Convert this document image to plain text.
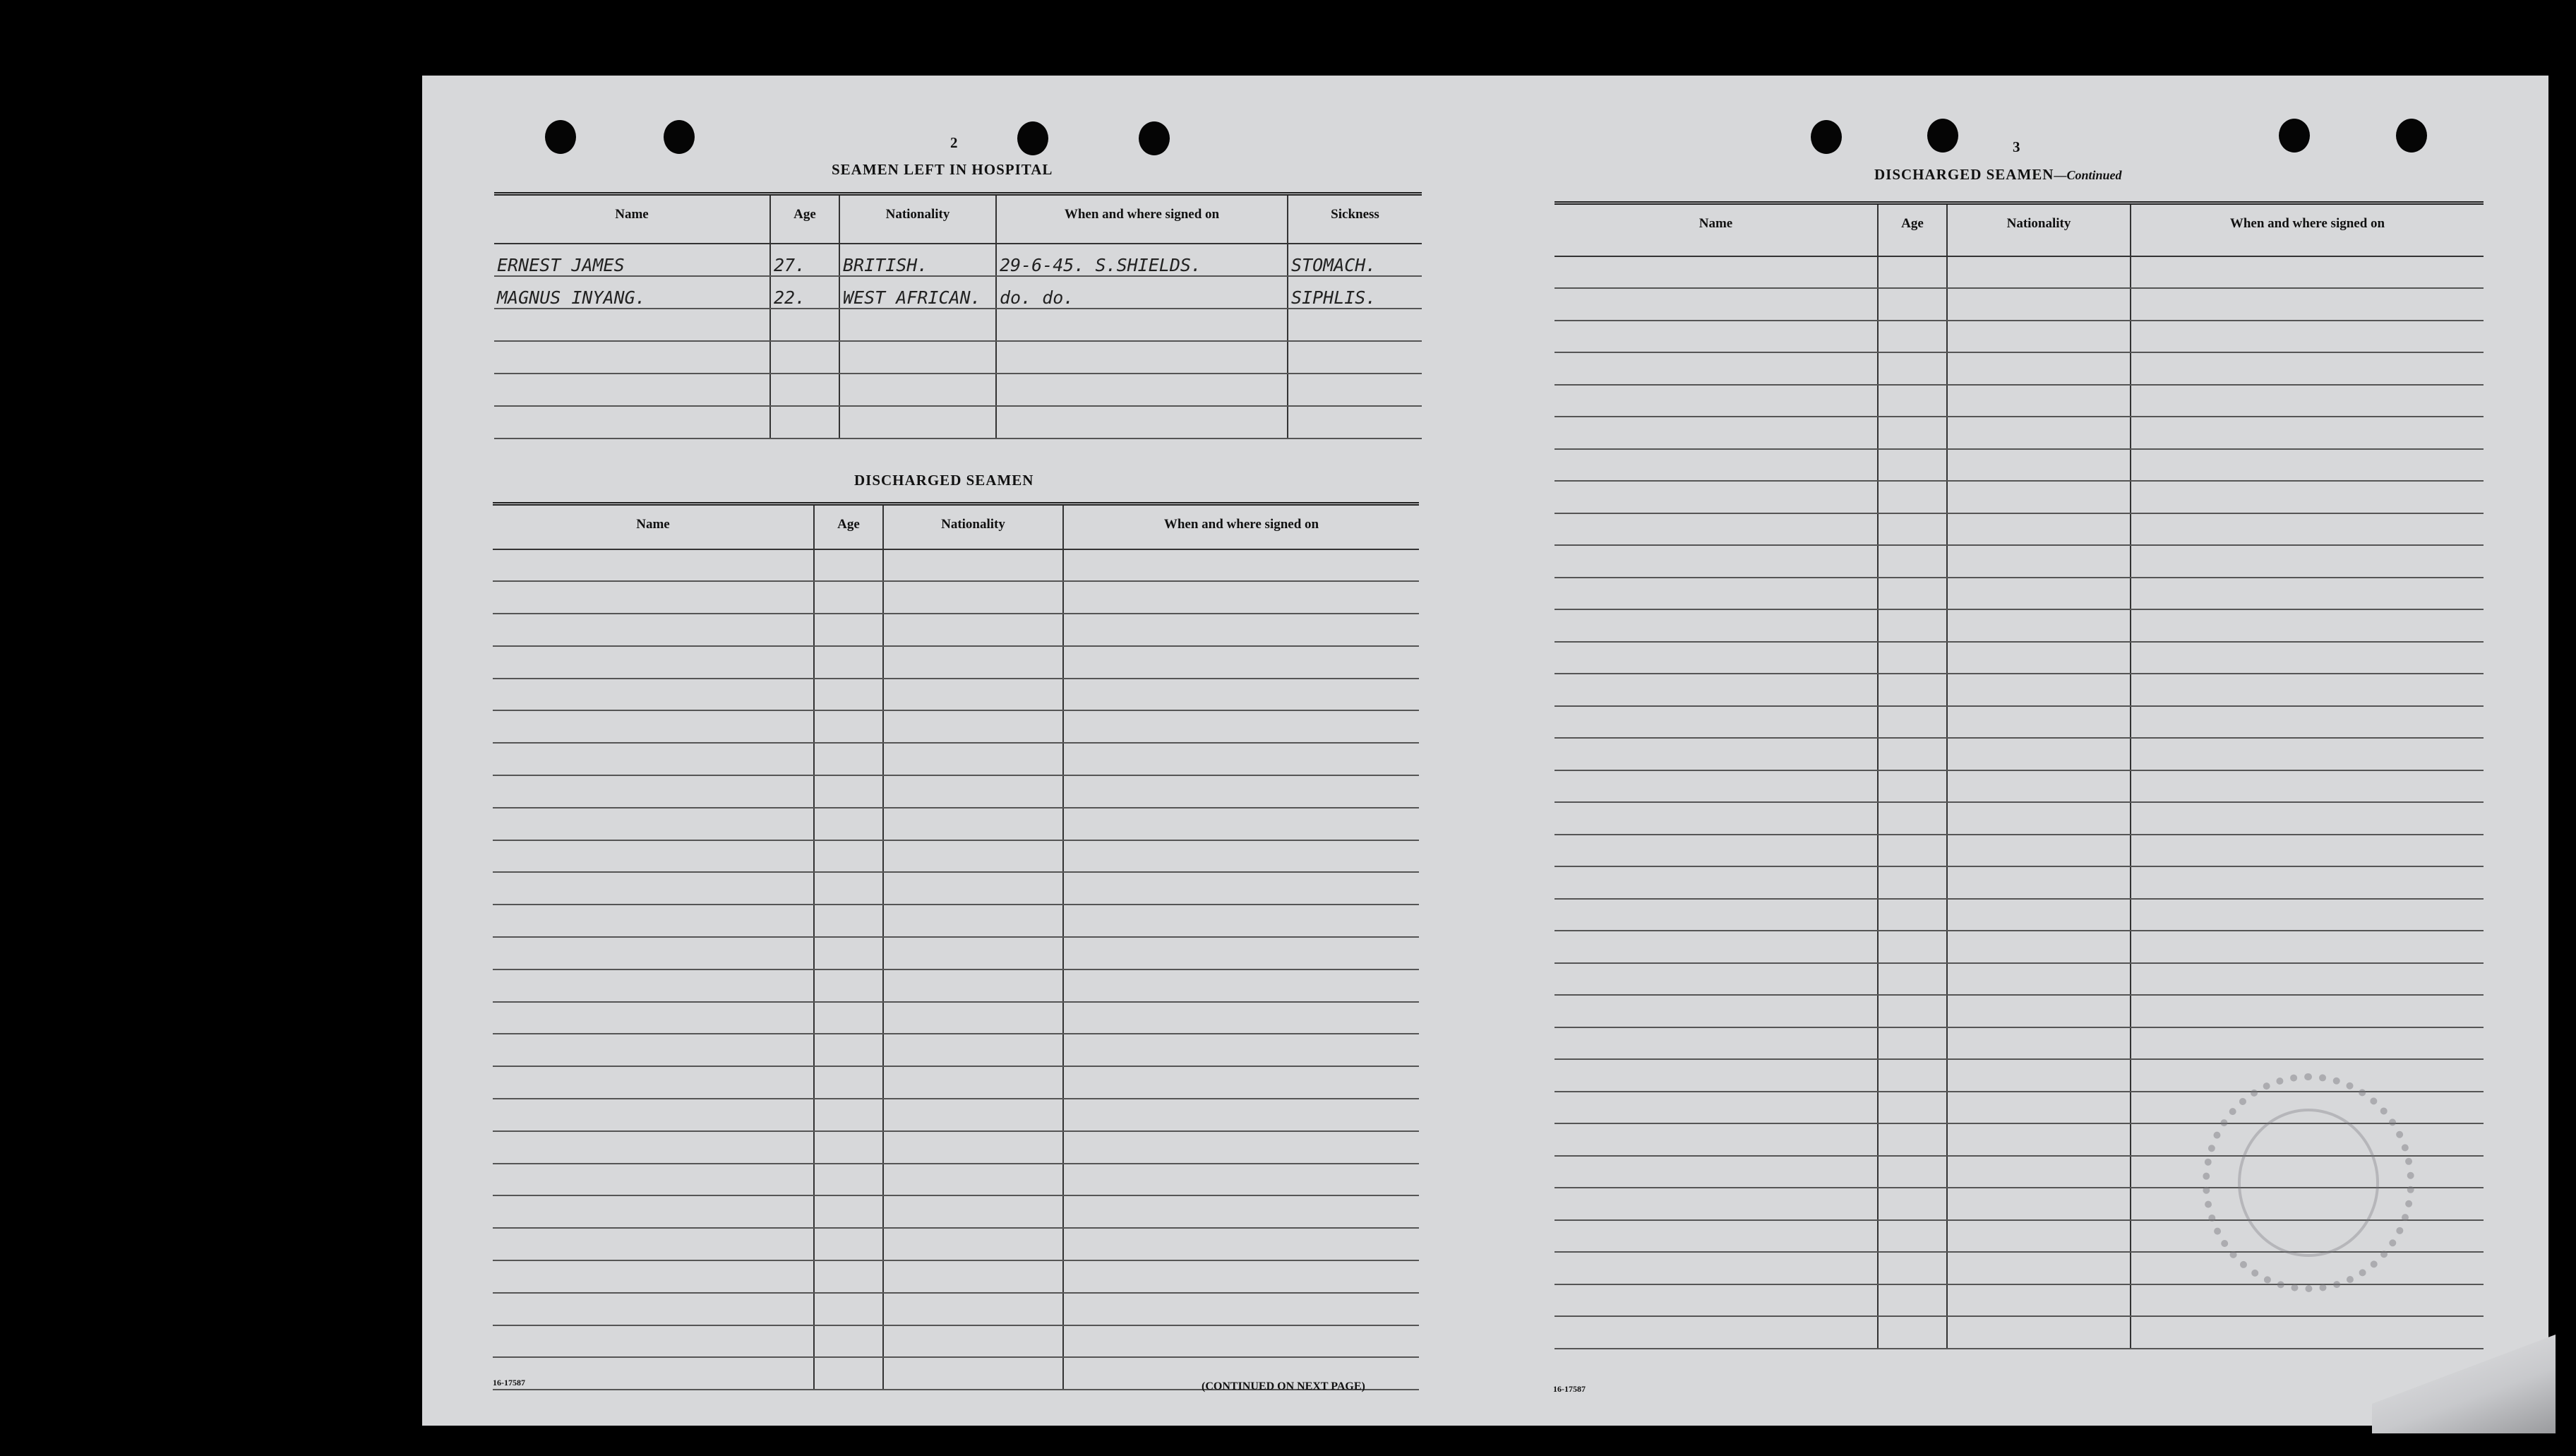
2
SEAMEN LEFT IN HOSPITAL
Name	Age	Nationality	When and where signed on	Sickness
ERNEST JAMES	27.	BRITISH.	29-6-45. S.SHIELDS.	STOMACH.
MAGNUS INYANG.	22.	WEST AFRICAN.	do. do.	SIPHLIS.

DISCHARGED SEAMEN
Name	Age	Nationality	When and where signed on

16-17587	(CONTINUED ON NEXT PAGE)
3
DISCHARGED SEAMEN—Continued
Name	Age	Nationality	When and where signed on

16-17587
